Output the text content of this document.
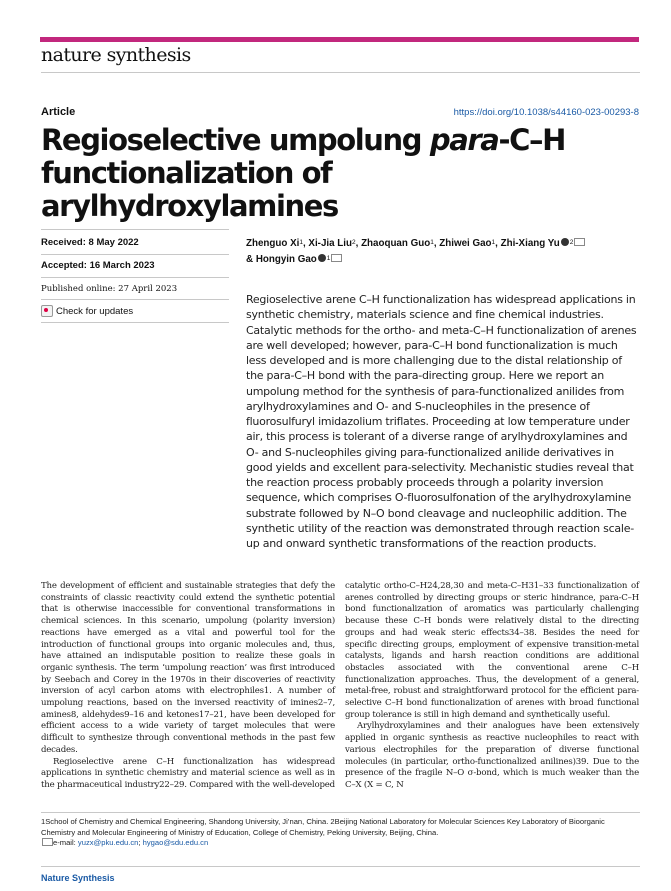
nature synthesis
Article	https://doi.org/10.1038/s44160-023-00293-8
Regioselective umpolung para-C–H functionalization of arylhydroxylamines
Received: 8 May 2022
Accepted: 16 March 2023
Published online: 27 April 2023
Check for updates
Zhenguo Xi$^1$, Xi-Jia Liu$^2$, Zhaoquan Guo$^1$, Zhiwei Gao$^1$, Zhi-Xiang Yu $^2$
& Hongyin Gao $^1$

Regioselective arene C–H functionalization has widespread applications in synthetic chemistry, materials science and fine chemical industries. Catalytic methods for the ortho- and meta-C–H functionalization of arenes are well developed; however, para-C–H bond functionalization is much less developed and is more challenging due to the distal relationship of the para-C–H bond with the para-directing group. Here we report an umpolung method for the synthesis of para-functionalized anilides from arylhydroxylamines and O- and S-nucleophiles in the presence of fluorosulfuryl imidazolium triflates. Proceeding at low temperature under air, this process is tolerant of a diverse range of arylhydroxylamines and O- and S-nucleophiles giving para-functionalized anilide derivatives in good yields and excellent para-selectivity. Mechanistic studies reveal that the reaction process probably proceeds through a polarity inversion sequence, which comprises O-fluorosulfonation of the arylhydroxylamine substrate followed by N–O bond cleavage and nucleophilic addition. The synthetic utility of the reaction was demonstrated through reaction scale-up and onward synthetic transformations of the reaction products.

The development of efficient and sustainable strategies that defy the constraints of classic reactivity could extend the synthetic potential that is otherwise inaccessible for conventional transformations in chemical sciences. In this scenario, umpolung (polarity inversion) reactions have emerged as a vital and powerful tool for the introduction of functional groups into organic molecules and, thus, have attained an indisputable position to realize these goals in organic synthesis. The term ‘umpolung reaction’ was first introduced by Seebach and Corey in the 1970s in their discoveries of reactivity inversion of acyl carbon atoms with electrophiles1. A number of umpolung reactions, based on the inversed reactivity of imines2–7, amines8, aldehydes9–16 and ketones17–21, have been developed for efficient access to a wide variety of target molecules that were difficult to synthesize through conventional methods in the past few decades.

Regioselective arene C–H functionalization has widespread applications in synthetic chemistry and material science as well as in the pharmaceutical industry22–29. Compared with the well-developed

catalytic ortho-C–H24,28,30 and meta-C–H31–33 functionalization of arenes controlled by directing groups or steric hindrance, para-C–H bond functionalization of aromatics was particularly challenging because these C–H bonds were relatively distal to the directing groups and had weak steric effects34–38. Besides the need for specific directing groups, employment of expensive transition-metal catalysts, ligands and harsh reaction conditions are additional obstacles associated with the conventional arene C–H functionalization approaches. Thus, the development of a general, metal-free, robust and straightforward protocol for the efficient para-selective C–H bond functionalization of arenes with broad functional group tolerance is still in high demand and synthetically useful.

Arylhydroxylamines and their analogues have been extensively applied in organic synthesis as reactive nucleophiles to react with various electrophiles for the preparation of diverse functional molecules (in particular, ortho-functionalized anilines)39. Due to the presence of the fragile N–O σ-bond, which is much weaker than the C–X (X = C, N

1School of Chemistry and Chemical Engineering, Shandong University, Ji’nan, China. 2Beijing National Laboratory for Molecular Sciences Key Laboratory of Bioorganic Chemistry and Molecular Engineering of Ministry of Education, College of Chemistry, Peking University, Beijing, China.
e-mail: yuzx@pku.edu.cn; hygao@sdu.edu.cn
Nature Synthesis
